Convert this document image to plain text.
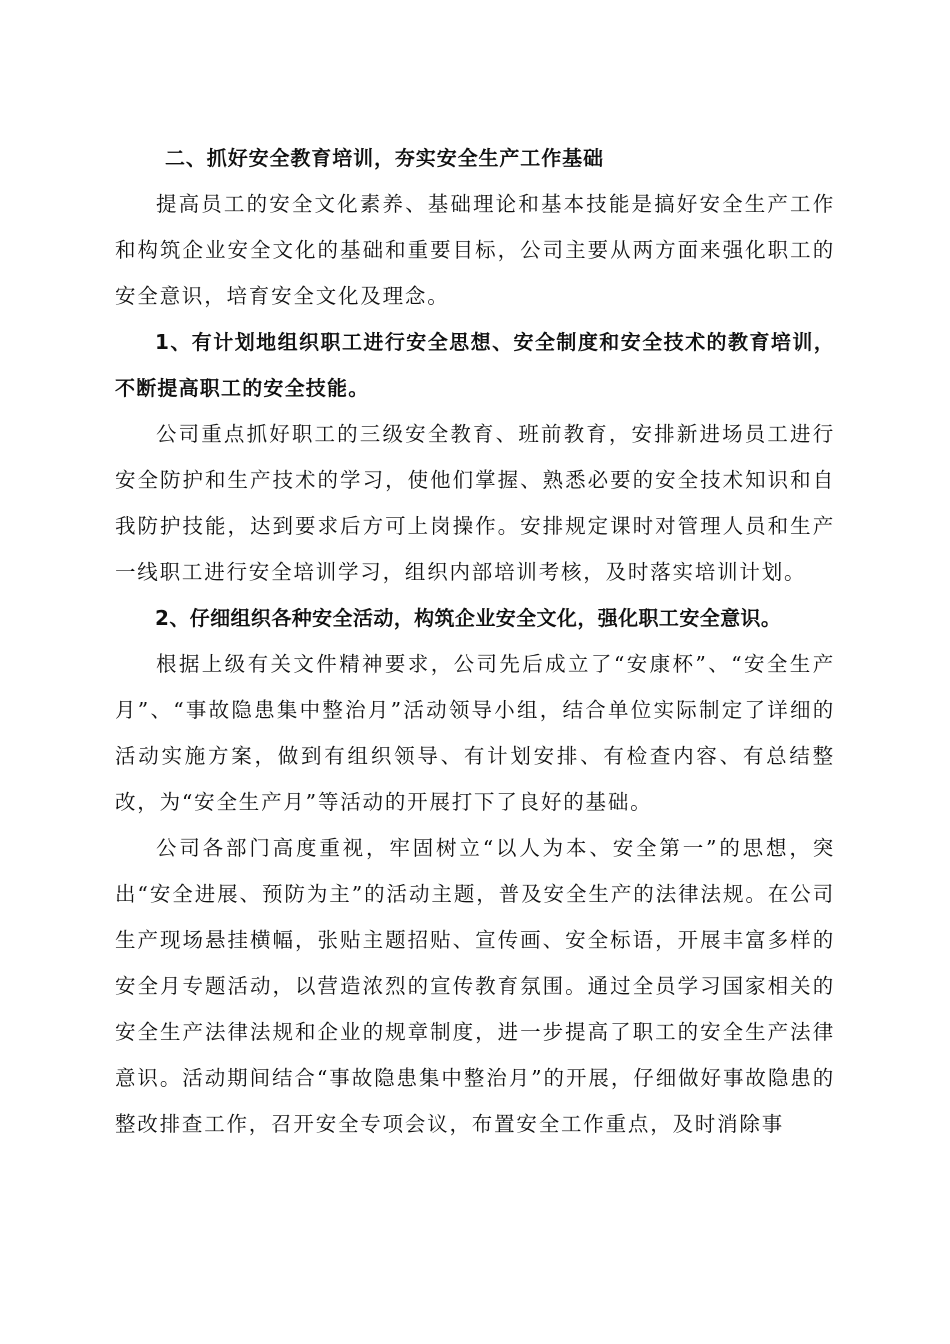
二、抓好安全教育培训，夯实安全生产工作基础

提高员工的安全文化素养、基础理论和基本技能是搞好安全生产工作和构筑企业安全文化的基础和重要目标，公司主要从两方面来强化职工的安全意识，培育安全文化及理念。

1、有计划地组织职工进行安全思想、安全制度和安全技术的教育培训，不断提高职工的安全技能。

公司重点抓好职工的三级安全教育、班前教育，安排新进场员工进行安全防护和生产技术的学习，使他们掌握、熟悉必要的安全技术知识和自我防护技能，达到要求后方可上岗操作。安排规定课时对管理人员和生产一线职工进行安全培训学习，组织内部培训考核，及时落实培训计划。

2、仔细组织各种安全活动，构筑企业安全文化，强化职工安全意识。

根据上级有关文件精神要求，公司先后成立了“安康杯”、“安全生产月”、“事故隐患集中整治月”活动领导小组，结合单位实际制定了详细的活动实施方案，做到有组织领导、有计划安排、有检查内容、有总结整改，为“安全生产月”等活动的开展打下了良好的基础。

公司各部门高度重视，牢固树立“以人为本、安全第一”的思想，突出“安全进展、预防为主”的活动主题，普及安全生产的法律法规。在公司生产现场悬挂横幅，张贴主题招贴、宣传画、安全标语，开展丰富多样的安全月专题活动，以营造浓烈的宣传教育氛围。通过全员学习国家相关的安全生产法律法规和企业的规章制度，进一步提高了职工的安全生产法律意识。活动期间结合“事故隐患集中整治月”的开展，仔细做好事故隐患的整改排查工作，召开安全专项会议，布置安全工作重点，及时消除事
